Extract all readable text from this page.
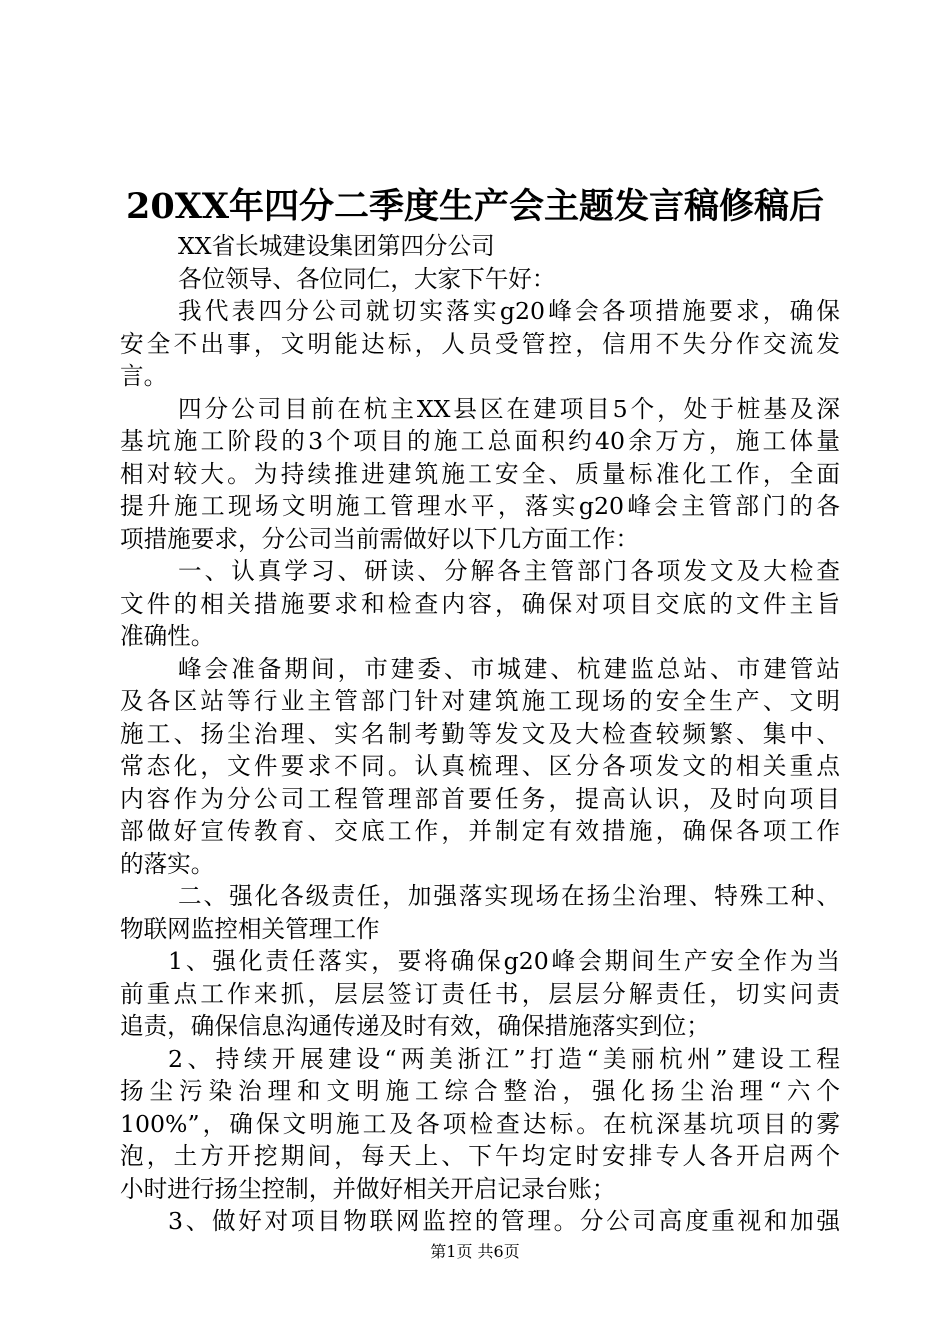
20XX年四分二季度生产会主题发言稿修稿后
XX省长城建设集团第四分公司
各位领导、各位同仁，大家下午好：
我代表四分公司就切实落实g20峰会各项措施要求，确保
安全不出事，文明能达标，人员受管控，信用不失分作交流发
言。
四分公司目前在杭主XX县区在建项目5个，处于桩基及深
基坑施工阶段的3个项目的施工总面积约40余万方，施工体量
相对较大。为持续推进建筑施工安全、质量标准化工作，全面
提升施工现场文明施工管理水平，落实g20峰会主管部门的各
项措施要求，分公司当前需做好以下几方面工作：
一、认真学习、研读、分解各主管部门各项发文及大检查
文件的相关措施要求和检查内容，确保对项目交底的文件主旨
准确性。
峰会准备期间，市建委、市城建、杭建监总站、市建管站
及各区站等行业主管部门针对建筑施工现场的安全生产、文明
施工、扬尘治理、实名制考勤等发文及大检查较频繁、集中、
常态化，文件要求不同。认真梳理、区分各项发文的相关重点
内容作为分公司工程管理部首要任务，提高认识，及时向项目
部做好宣传教育、交底工作，并制定有效措施，确保各项工作
的落实。
二、强化各级责任，加强落实现场在扬尘治理、特殊工种、
物联网监控相关管理工作
1、强化责任落实，要将确保g20峰会期间生产安全作为当
前重点工作来抓，层层签订责任书，层层分解责任，切实问责
追责，确保信息沟通传递及时有效，确保措施落实到位；
2、持续开展建设“两美浙江”打造“美丽杭州”建设工程
扬尘污染治理和文明施工综合整治，强化扬尘治理“六个
100%”，确保文明施工及各项检查达标。在杭深基坑项目的雾
泡，土方开挖期间，每天上、下午均定时安排专人各开启两个
小时进行扬尘控制，并做好相关开启记录台账；
3、做好对项目物联网监控的管理。分公司高度重视和加强
第1页 共6页
